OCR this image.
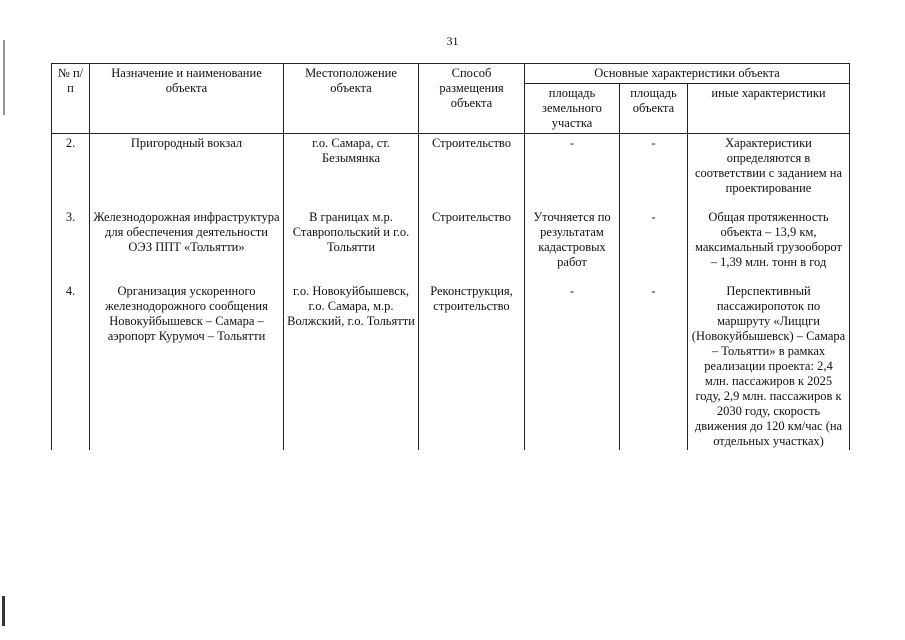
31
№ п/п	Назначение и наименование объекта	Местоположение объекта	Способ размещения объекта	Основные характеристики объекта		
				площадь земельного участка	площадь объекта	иные характеристики
2.	Пригородный вокзал	г.о. Самара, ст. Безымянка	Строительство	-	-	Характеристики определяются в соответствии с заданием на проектирование

3.	Железнодорожная инфраструктура для обеспечения деятельности ОЭЗ ППТ «Тольятти»	В границах м.р. Ставропольский и г.о. Тольятти	Строительство	Уточняется по результатам кадастровых работ	-	Общая протяженность объекта – 13,9 км, максимальный грузооборот – 1,39 млн. тонн в год

4.	Организация ускоренного железнодорожного сообщения Новокуйбышевск – Самара – аэропорт Курумоч – Тольятти	г.о. Новокуйбышевск, г.о. Самара, м.р. Волжский, г.о. Тольятти	Реконструкция, строительство	-	-	Перспективный пассажиропоток по маршруту «Лиццги (Новокуйбышевск) – Самара – Тольятти» в рамках реализации проекта: 2,4 млн. пассажиров к 2025 году, 2,9 млн. пассажиров к 2030 году, скорость движения до 120 км/час (на отдельных участках)
